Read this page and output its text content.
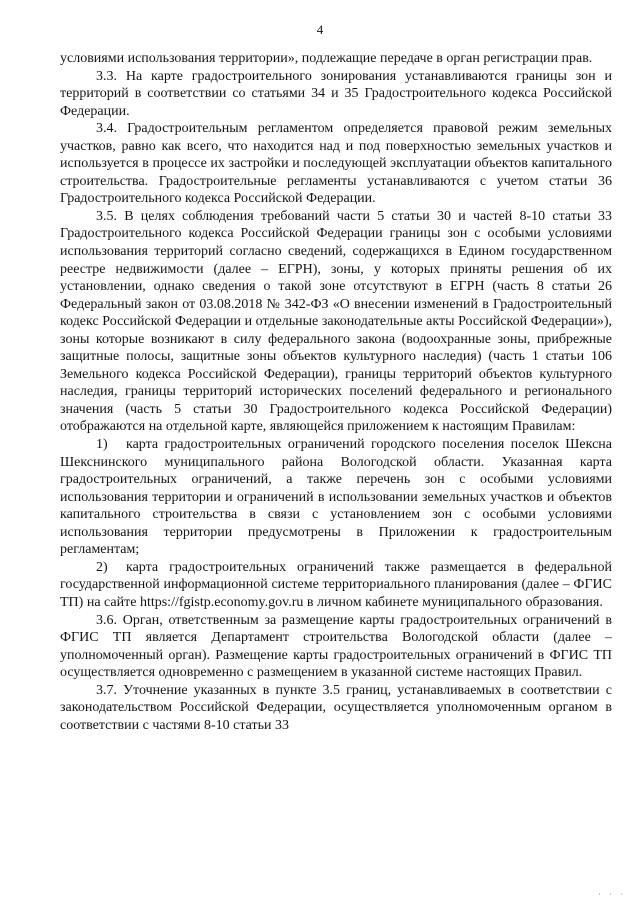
4

условиями использования территории», подлежащие передаче в орган регистрации прав.

3.3. На карте градостроительного зонирования устанавливаются границы зон и территорий в соответствии со статьями 34 и 35 Градостроительного кодекса Российской Федерации.

3.4. Градостроительным регламентом определяется правовой режим земельных участков, равно как всего, что находится над и под поверхностью земельных участков и используется в процессе их застройки и последующей эксплуатации объектов капитального строительства. Градостроительные регламенты устанавливаются с учетом статьи 36 Градостроительного кодекса Российской Федерации.

3.5. В целях соблюдения требований части 5 статьи 30 и частей 8-10 статьи 33 Градостроительного кодекса Российской Федерации границы зон с особыми условиями использования территорий согласно сведений, содержащихся в Едином государственном реестре недвижимости (далее – ЕГРН), зоны, у которых приняты решения об их установлении, однако сведения о такой зоне отсутствуют в ЕГРН (часть 8 статьи 26 Федеральный закон от 03.08.2018 № 342-ФЗ «О внесении изменений в Градостроительный кодекс Российской Федерации и отдельные законодательные акты Российской Федерации»), зоны которые возникают в силу федерального закона (водоохранные зоны, прибрежные защитные полосы, защитные зоны объектов культурного наследия) (часть 1 статьи 106 Земельного кодекса Российской Федерации), границы территорий объектов культурного наследия, границы территорий исторических поселений федерального и регионального значения (часть 5 статьи 30 Градостроительного кодекса Российской Федерации) отображаются на отдельной карте, являющейся приложением к настоящим Правилам:

1) карта градостроительных ограничений городского поселения поселок Шексна Шекснинского муниципального района Вологодской области. Указанная карта градостроительных ограничений, а также перечень зон с особыми условиями использования территории и ограничений в использовании земельных участков и объектов капитального строительства в связи с установлением зон с особыми условиями использования территории предусмотрены в Приложении к градостроительным регламентам;

2) карта градостроительных ограничений также размещается в федеральной государственной информационной системе территориального планирования (далее – ФГИС ТП) на сайте https://fgistp.economy.gov.ru в личном кабинете муниципального образования.

3.6. Орган, ответственным за размещение карты градостроительных ограничений в ФГИС ТП является Департамент строительства Вологодской области (далее – уполномоченный орган). Размещение карты градостроительных ограничений в ФГИС ТП осуществляется одновременно с размещением в указанной системе настоящих Правил.

3.7. Уточнение указанных в пункте 3.5 границ, устанавливаемых в соответствии с законодательством Российской Федерации, осуществляется уполномоченным органом в соответствии с частями 8-10 статьи 33

· · ·
